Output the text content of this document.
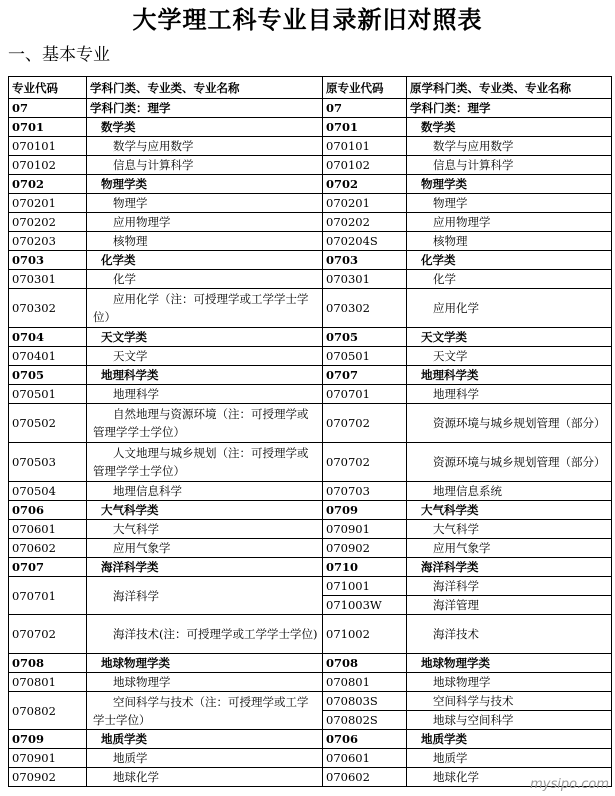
大学理工科专业目录新旧对照表
一、基本专业
专业代码	学科门类、专业类、专业名称	原专业代码	原学科门类、专业类、专业名称
07	学科门类：理学	07	学科门类：理学
0701	数学类	0701	数学类
070101	数学与应用数学	070101	数学与应用数学
070102	信息与计算科学	070102	信息与计算科学
0702	物理学类	0702	物理学类
070201	物理学	070201	物理学
070202	应用物理学	070202	应用物理学
070203	核物理	070204S	核物理
0703	化学类	0703	化学类
070301	化学	070301	化学
070302	应用化学（注：可授理学或工学学士学位）	070302	应用化学
0704	天文学类	0705	天文学类
070401	天文学	070501	天文学
0705	地理科学类	0707	地理科学类
070501	地理科学	070701	地理科学
070502	自然地理与资源环境（注：可授理学或管理学学士学位）	070702	资源环境与城乡规划管理（部分）
070503	人文地理与城乡规划（注：可授理学或管理学学士学位）	070702	资源环境与城乡规划管理（部分）
070504	地理信息科学	070703	地理信息系统
0706	大气科学类	0709	大气科学类
070601	大气科学	070901	大气科学
070602	应用气象学	070902	应用气象学
0707	海洋科学类	0710	海洋科学类
070701	海洋科学	071001	海洋科学
		071003W	海洋管理
070702	海洋技术(注：可授理学或工学学士学位)	071002	海洋技术
0708	地球物理学类	0708	地球物理学类
070801	地球物理学	070801	地球物理学
070802	空间科学与技术（注：可授理学或工学学士学位）	070803S	空间科学与技术
		070802S	地球与空间科学
0709	地质学类	0706	地质学类
070901	地质学	070601	地质学
070902	地球化学	070602	地球化学	mysipo.com
